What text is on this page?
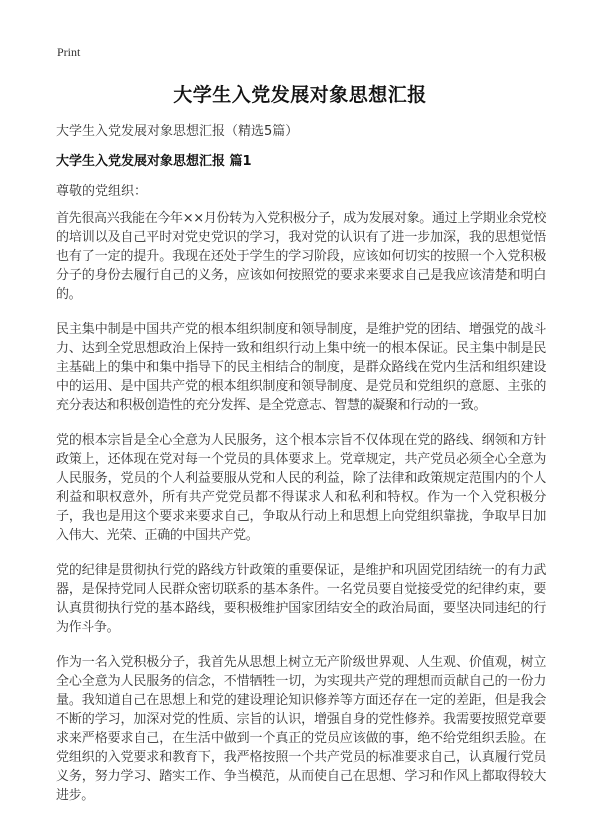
Print
大学生入党发展对象思想汇报
大学生入党发展对象思想汇报（精选5篇）
大学生入党发展对象思想汇报 篇1
尊敬的党组织：

首先很高兴我能在今年××月份转为入党积极分子，成为发展对象。通过上学期业余党校的培训以及自己平时对党史党识的学习，我对党的认识有了进一步加深，我的思想觉悟也有了一定的提升。我现在还处于学生的学习阶段，应该如何切实的按照一个入党积极分子的身份去履行自己的义务，应该如何按照党的要求来要求自己是我应该清楚和明白的。

民主集中制是中国共产党的根本组织制度和领导制度，是维护党的团结、增强党的战斗力、达到全党思想政治上保持一致和组织行动上集中统一的根本保证。民主集中制是民主基础上的集中和集中指导下的民主相结合的制度，是群众路线在党内生活和组织建设中的运用、是中国共产党的根本组织制度和领导制度、是党员和党组织的意愿、主张的充分表达和积极创造性的充分发挥、是全党意志、智慧的凝聚和行动的一致。

党的根本宗旨是全心全意为人民服务，这个根本宗旨不仅体现在党的路线、纲领和方针政策上，还体现在党对每一个党员的具体要求上。党章规定，共产党员必须全心全意为人民服务，党员的个人利益要服从党和人民的利益，除了法律和政策规定范围内的个人利益和职权意外，所有共产党党员都不得谋求人和私利和特权。作为一个入党积极分子，我也是用这个要求来要求自己，争取从行动上和思想上向党组织靠拢，争取早日加入伟大、光荣、正确的中国共产党。

党的纪律是贯彻执行党的路线方针政策的重要保证，是维护和巩固党团结统一的有力武器，是保持党同人民群众密切联系的基本条件。一名党员要自觉接受党的纪律约束，要认真贯彻执行党的基本路线，要积极维护国家团结安全的政治局面，要坚决同违纪的行为作斗争。

作为一名入党积极分子，我首先从思想上树立无产阶级世界观、人生观、价值观，树立全心全意为人民服务的信念，不惜牺牲一切，为实现共产党的理想而贡献自己的一份力量。我知道自己在思想上和党的建设理论知识修养等方面还存在一定的差距，但是我会不断的学习，加深对党的性质、宗旨的认识，增强自身的党性修养。我需要按照党章要求来严格要求自己，在生活中做到一个真正的党员应该做的事，绝不给党组织丢脸。在党组织的入党要求和教育下，我严格按照一个共产党员的标准要求自己，认真履行党员义务，努力学习、踏实工作、争当模范，从而使自己在思想、学习和作风上都取得较大进步。
